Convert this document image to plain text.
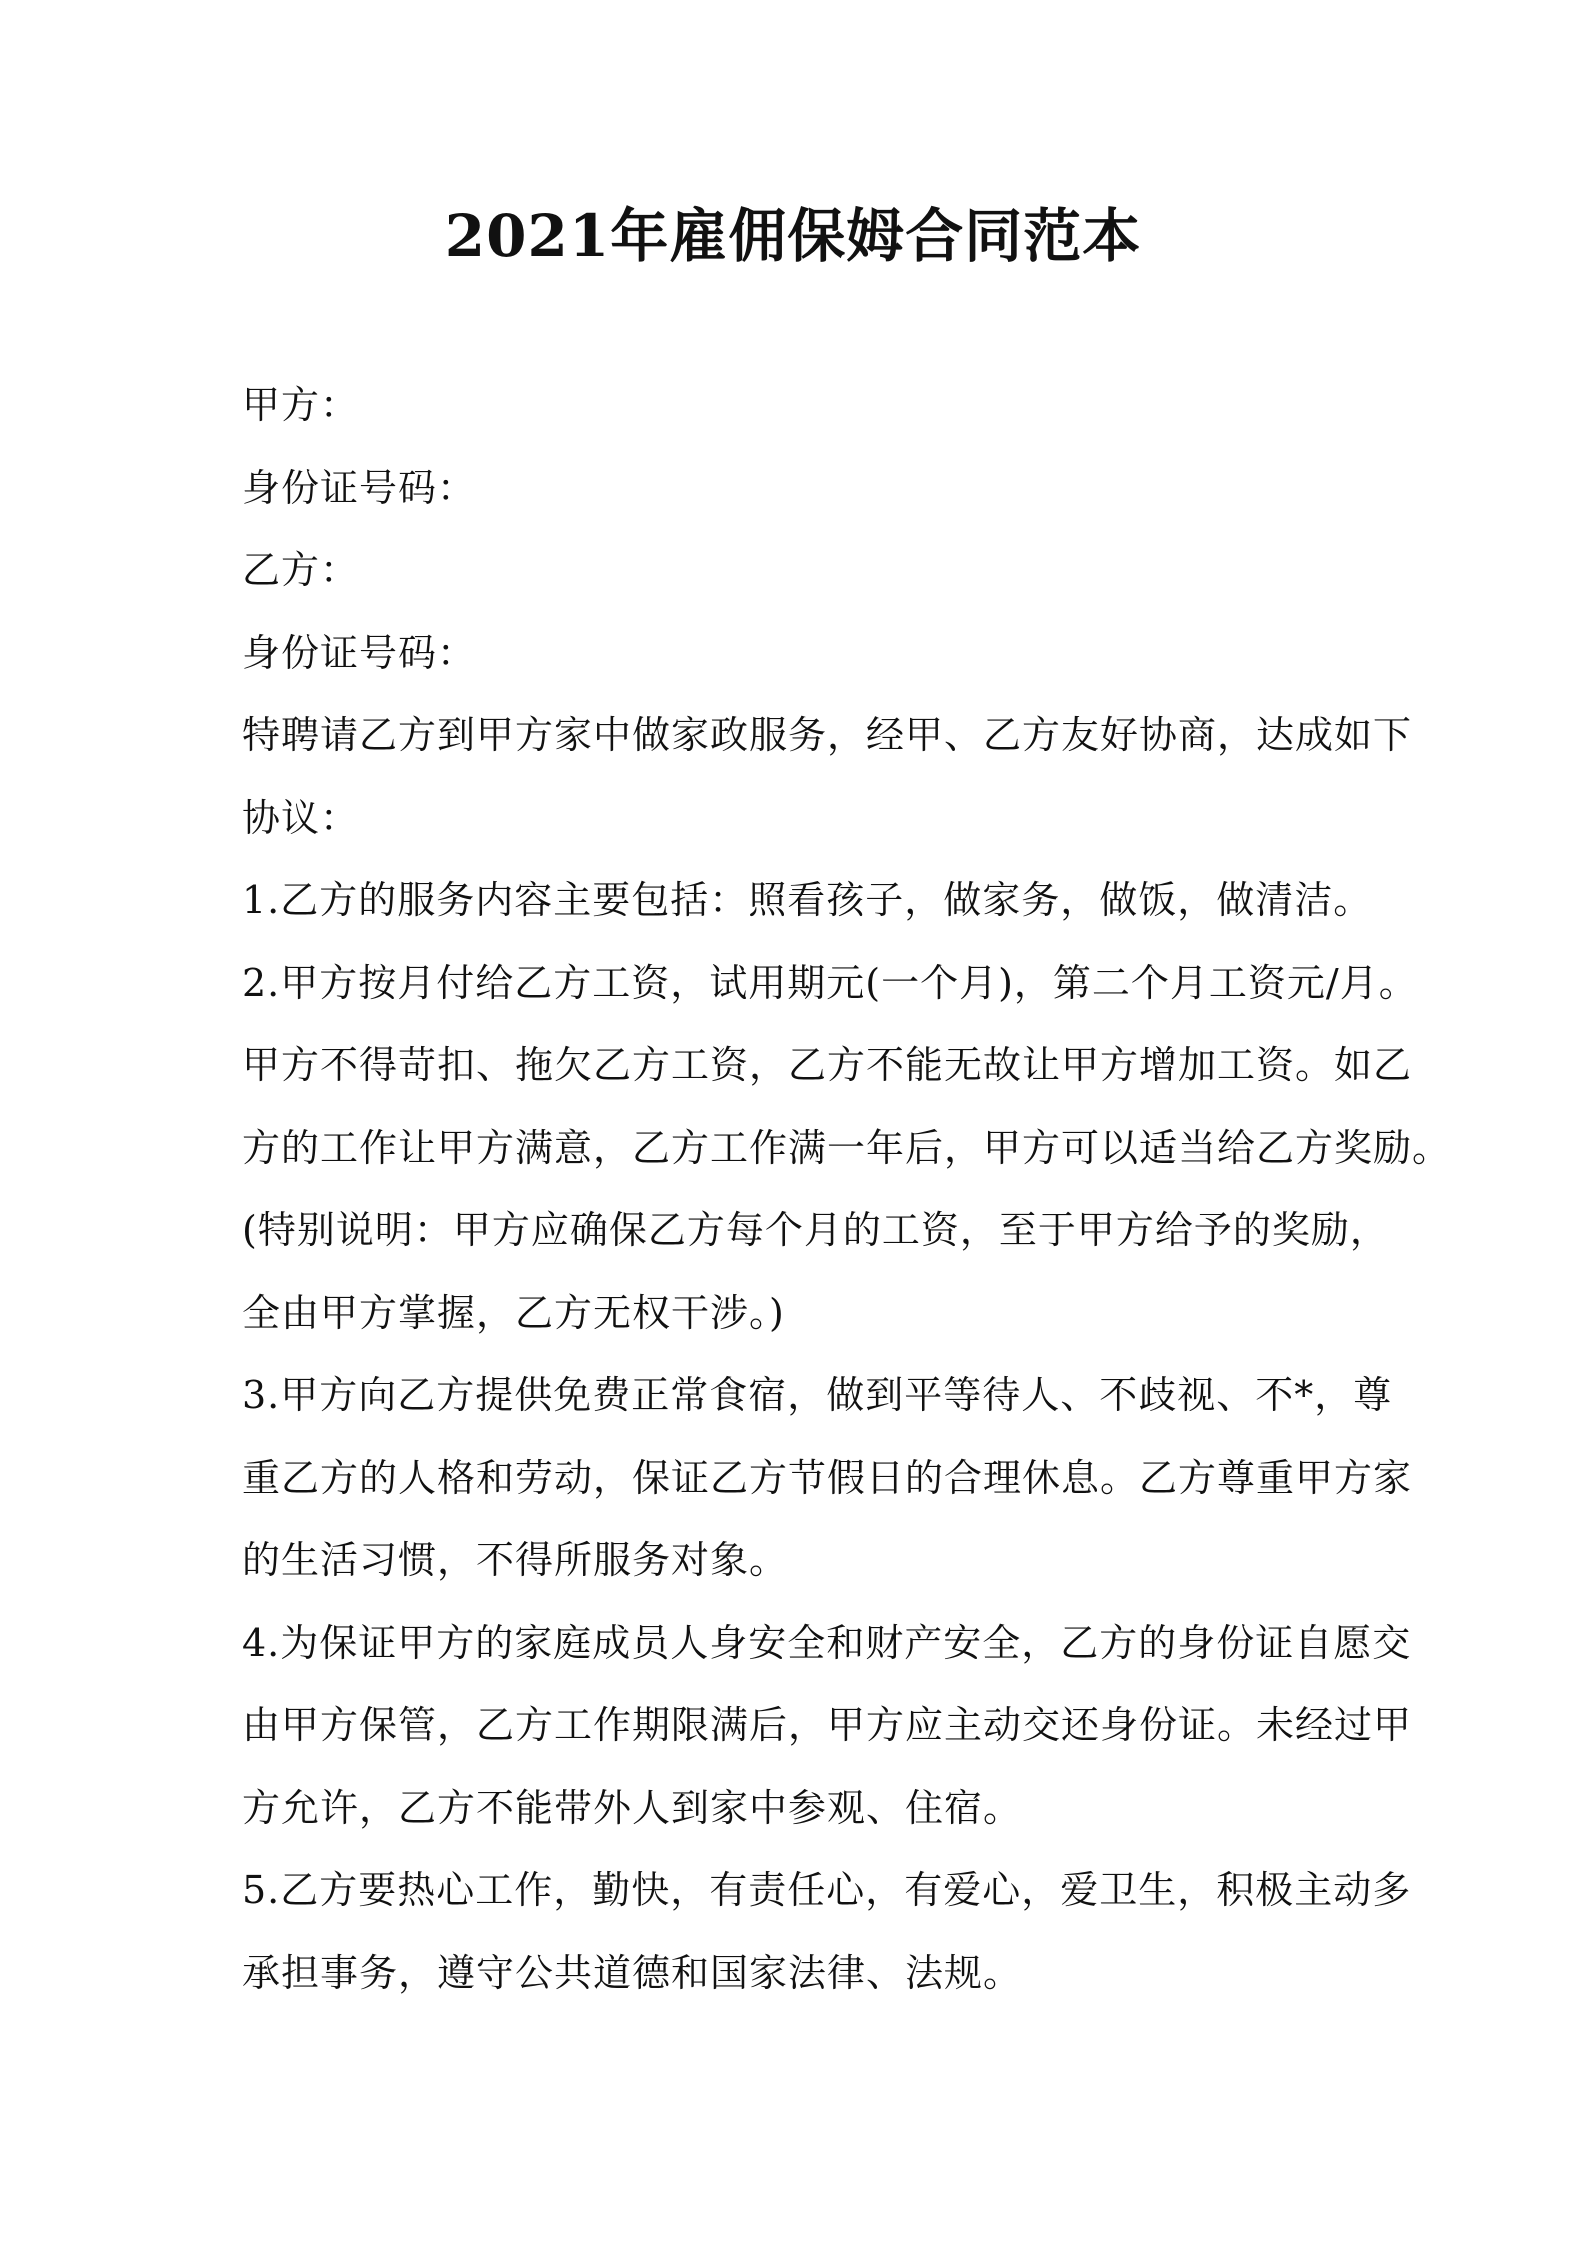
2021年雇佣保姆合同范本
甲方：
身份证号码：
乙方：
身份证号码：
特聘请乙方到甲方家中做家政服务，经甲、乙方友好协商，达成如下
协议：
1.乙方的服务内容主要包括：照看孩子，做家务，做饭，做清洁。
2.甲方按月付给乙方工资，试用期元(一个月)，第二个月工资元/月。
甲方不得苛扣、拖欠乙方工资，乙方不能无故让甲方增加工资。如乙
方的工作让甲方满意，乙方工作满一年后，甲方可以适当给乙方奖励。
(特别说明：甲方应确保乙方每个月的工资，至于甲方给予的奖励，
全由甲方掌握，乙方无权干涉。)
3.甲方向乙方提供免费正常食宿，做到平等待人、不歧视、不*，尊
重乙方的人格和劳动，保证乙方节假日的合理休息。乙方尊重甲方家
的生活习惯，不得所服务对象。
4.为保证甲方的家庭成员人身安全和财产安全，乙方的身份证自愿交
由甲方保管，乙方工作期限满后，甲方应主动交还身份证。未经过甲
方允许，乙方不能带外人到家中参观、住宿。
5.乙方要热心工作，勤快，有责任心，有爱心，爱卫生，积极主动多
承担事务，遵守公共道德和国家法律、法规。
